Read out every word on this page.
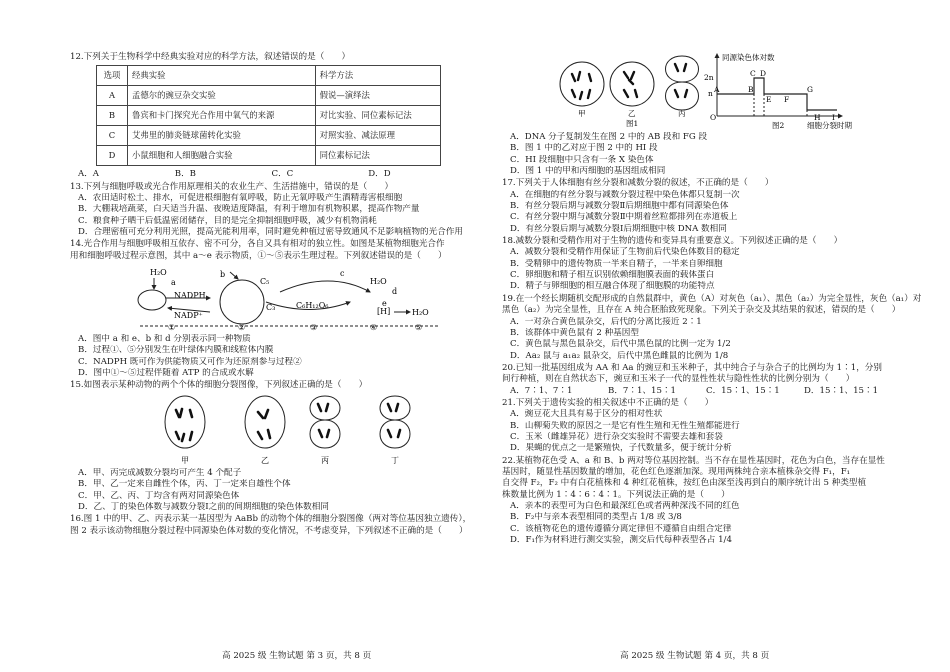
12.下列关于生物科学中经典实验对应的科学方法，叙述错误的是（　　）
选项	经典实验	科学方法
A	孟德尔的豌豆杂交实验	假说—演绎法
B	鲁宾和卡门探究光合作用中氧气的来源	对比实验、同位素标记法
C	艾弗里的肺炎链球菌转化实验	对照实验、减法原理
D	小鼠细胞和人细胞融合实验	同位素标记法
A．A	B．B	C．C	D．D
13.下列与细胞呼吸或光合作用原理相关的农业生产、生活措施中，错误的是（　　）
A．农田适时松土、排水，可促进根细胞有氧呼吸，防止无氧呼吸产生酒精毒害根细胞
B．大棚栽培蔬菜，白天适当升温、夜晚适度降温，有利于增加有机物积累，提高作物产量
C．粮食种子晒干后低温密闭储存，目的是完全抑制细胞呼吸，减少有机物消耗
D．合理密植可充分利用光照，提高光能利用率，同时避免种植过密导致通风不足影响植物的光合作用
14.光合作用与细胞呼吸相互依存、密不可分，各自又具有相对的独立性。如图是某植物细胞光合作
用和细胞呼吸过程示意图，其中 a～e 表示物质，①～⑤表示生理过程。下列叙述错误的是（　　）
H₂O
a
NADPH
NADP⁺
b
C₅
C₃	C₆H₁₂O₆
c
H₂O
d
e
[H]	H₂O
①	②	③	④	⑤
A．图中 a 和 e、b 和 d 分别表示同一种物质
B．过程①、⑤分别发生在叶绿体内膜和线粒体内膜
C．NADPH 既可作为供能物质又可作为还原剂参与过程②
D．图中①～⑤过程伴随着 ATP 的合成或水解
15.如图表示某种动物的两个个体的细胞分裂图像，下列叙述正确的是（　　）
甲	乙	丙	丁
A．甲、丙完成减数分裂均可产生 4 个配子
B．甲、乙一定来自雌性个体，丙、丁一定来自雄性个体
C．甲、乙、丙、丁均含有两对同源染色体
D．乙、丁的染色体数与减数分裂Ⅰ之前的间期细胞的染色体数相同
16.图 1 中的甲、乙、丙表示某一基因型为 AaBb 的动物个体的细胞分裂图像（两对等位基因独立遗传），
图 2 表示该动物细胞分裂过程中同源染色体对数的变化情况，不考虑变异，下列叙述不正确的是（　　）
高 2025 级 生物试题 第 3 页，共 8 页
甲	乙	丙
图1
同源染色体对数
O
2n
n A	B
C D
E F
G
H I
细胞分裂时期
图2
A．DNA 分子复制发生在图 2 中的 AB 段和 FG 段
B．图 1 中的乙对应于图 2 中的 HI 段
C．HI 段细胞中只含有一条 X 染色体
D．图 1 中的甲和丙细胞的基因组成相同
17.下列关于人体细胞有丝分裂和减数分裂的叙述，不正确的是（　　）
A．在细胞的有丝分裂与减数分裂过程中染色体都只复制一次
B．有丝分裂后期与减数分裂Ⅱ后期细胞中都有同源染色体
C．有丝分裂中期与减数分裂Ⅱ中期着丝粒都排列在赤道板上
D．有丝分裂后期与减数分裂Ⅰ后期细胞中核 DNA 数相同
18.减数分裂和受精作用对于生物的遗传和变异具有重要意义。下列叙述正确的是（　　）
A．减数分裂和受精作用保证了生物前后代染色体数目的稳定
B．受精卵中的遗传物质一半来自精子，一半来自卵细胞
C．卵细胞和精子相互识别依赖细胞膜表面的载体蛋白
D．精子与卵细胞的相互融合体现了细胞膜的功能特点
19.在一个经长期随机交配形成的自然鼠群中，黄色（A）对灰色（a₁）、黑色（a₂）为完全显性，灰色（a₁）对
黑色（a₂）为完全显性，且存在 A 纯合胚胎致死现象。下列关于杂交及其结果的叙述，错误的是（　　）
A．一对杂合黄色鼠杂交，后代的分离比接近 2∶1
B．该群体中黄色鼠有 2 种基因型
C．黄色鼠与黑色鼠杂交，后代中黑色鼠的比例一定为 1/2
D．Aa₂ 鼠与 a₁a₂ 鼠杂交，后代中黑色雌鼠的比例为 1/8
20.已知一批基因组成为 AA 和 Aa 的豌豆和玉米种子，其中纯合子与杂合子的比例均为 1∶1，分别
间行种植，则在自然状态下，豌豆和玉米子一代的显性性状与隐性性状的比例分别为（　　）
A．7∶1、7∶1	B．7∶1、15∶1	C．15∶1、15∶1	D．15∶1、15∶1
21.下列关于遗传实验的相关叙述中不正确的是（　　）
A．豌豆花大且具有易于区分的相对性状
B．山柳菊失败的原因之一是它有性生殖和无性生殖都能进行
C．玉米（雌雄异花）进行杂交实验时不需要去雄和套袋
D．果蝇的优点之一是繁殖快，子代数量多，便于统计分析
22.某植物花色受 A、a 和 B、b 两对等位基因控制。当不存在显性基因时，花色为白色，当存在显性
基因时，随显性基因数量的增加，花色红色逐渐加深。现用两株纯合亲本植株杂交得 F₁，F₁
自交得 F₂，F₂ 中有白花植株和 4 种红花植株，按红色由深至浅再到白的顺序统计出 5 种类型植
株数量比例为 1∶4∶6∶4∶1。下列说法正确的是（　　）
A．亲本的表型可为白色和最深红色或者两种深浅不同的红色
B．F₂中与亲本表型相同的类型占 1/8 或 3/8
C．该植物花色的遗传遵循分离定律但不遵循自由组合定律
D．F₁作为材料进行测交实验，测交后代每种表型各占 1/4
高 2025 级 生物试题 第 4 页，共 8 页
